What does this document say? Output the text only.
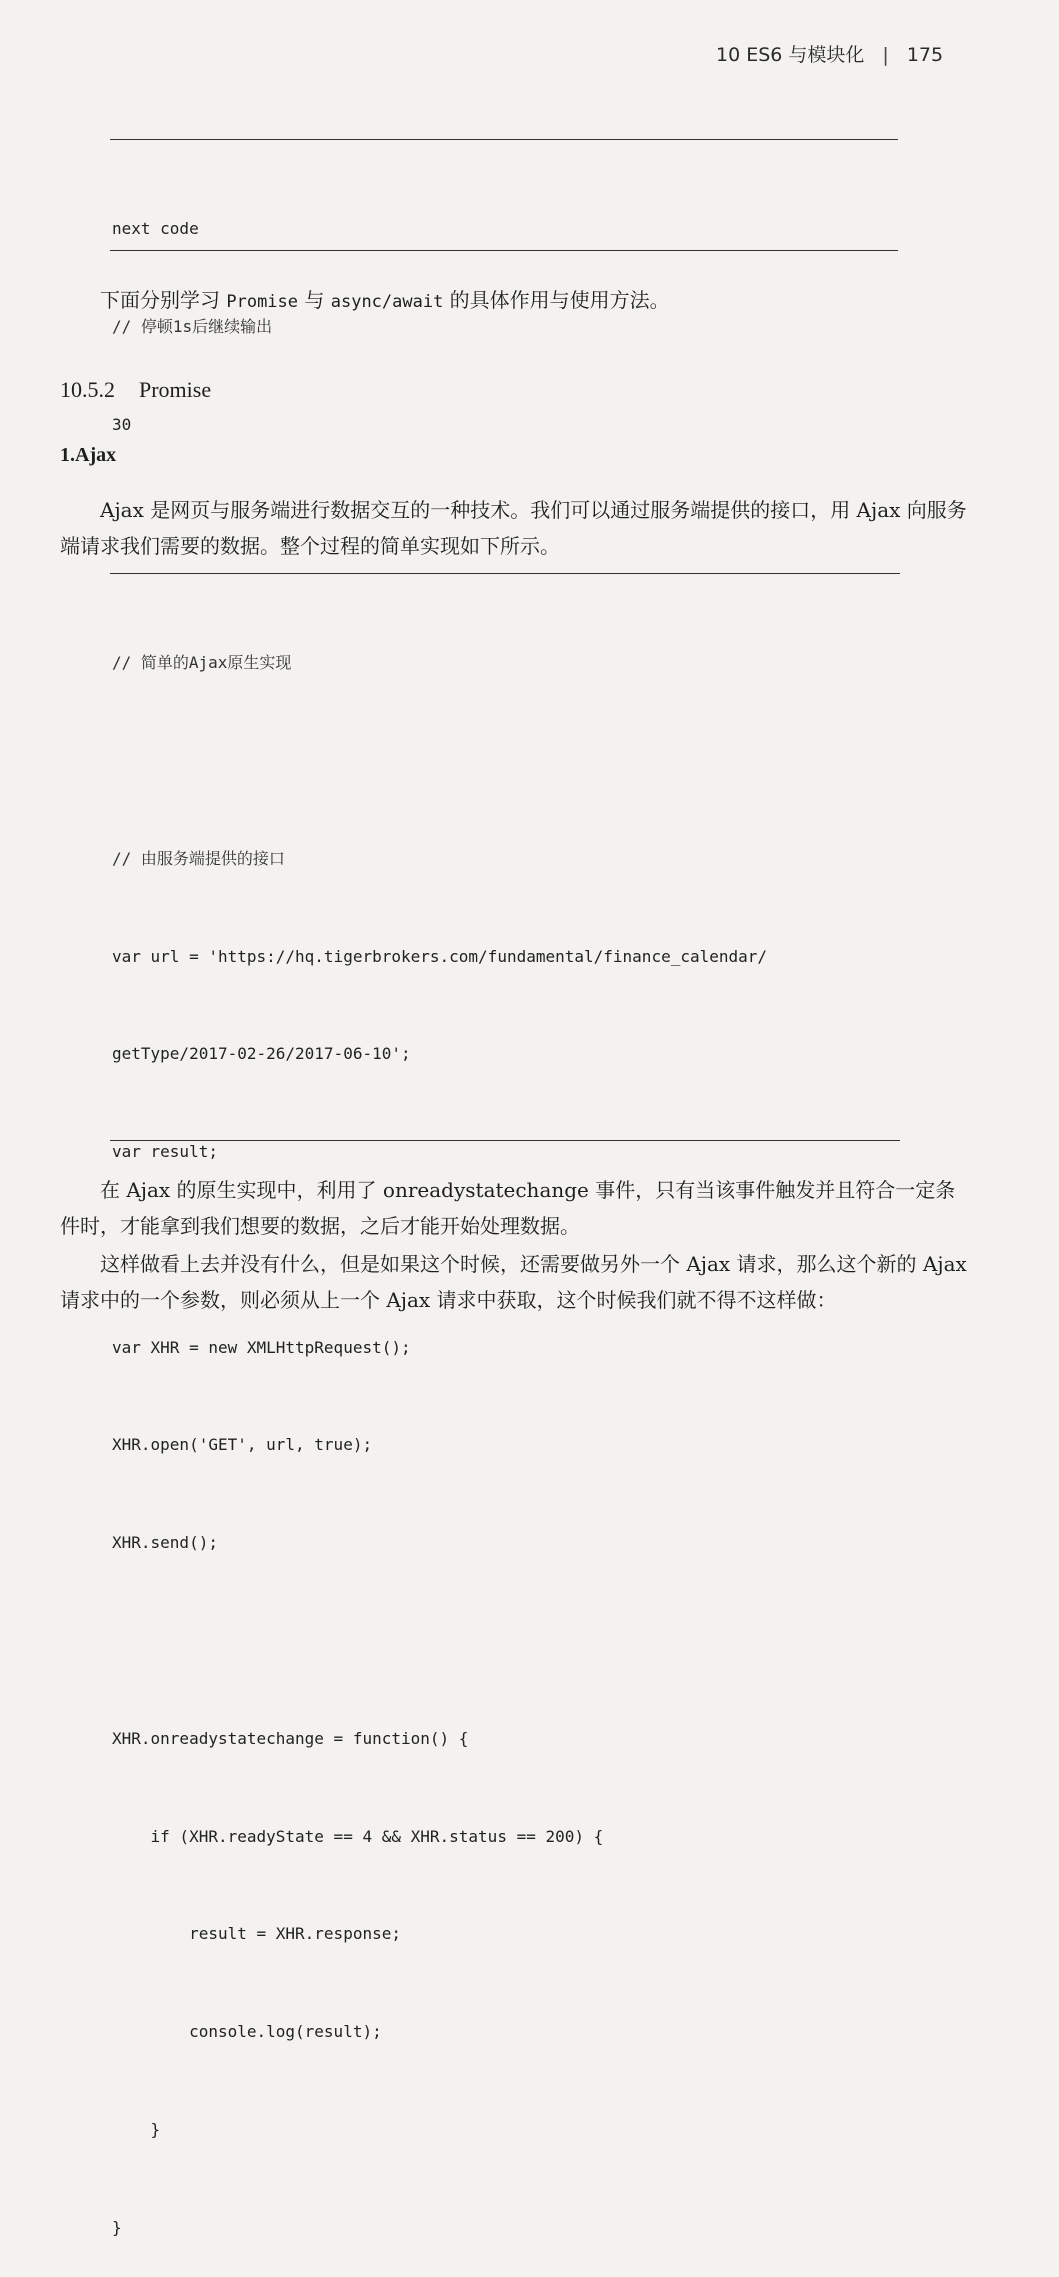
10 ES6 与模块化 | 175

next code

// 停顿1s后继续输出

30

下面分别学习 Promise 与 async/await 的具体作用与使用方法。
10.5.2 Promise
1.Ajax
Ajax 是网页与服务端进行数据交互的一种技术。我们可以通过服务端提供的接口，用 Ajax 向服务端请求我们需要的数据。整个过程的简单实现如下所示。

// 简单的Ajax原生实现

// 由服务端提供的接口

var url = 'https://hq.tigerbrokers.com/fundamental/finance_calendar/

getType/2017-02-26/2017-06-10';

var result;

var XHR = new XMLHttpRequest();

XHR.open('GET', url, true);

XHR.send();

XHR.onreadystatechange = function() {

if (XHR.readyState == 4 && XHR.status == 200) {

result = XHR.response;

console.log(result);

}

}

在 Ajax 的原生实现中，利用了 onreadystatechange 事件，只有当该事件触发并且符合一定条件时，才能拿到我们想要的数据，之后才能开始处理数据。
这样做看上去并没有什么，但是如果这个时候，还需要做另外一个 Ajax 请求，那么这个新的 Ajax 请求中的一个参数，则必须从上一个 Ajax 请求中获取，这个时候我们就不得不这样做：
